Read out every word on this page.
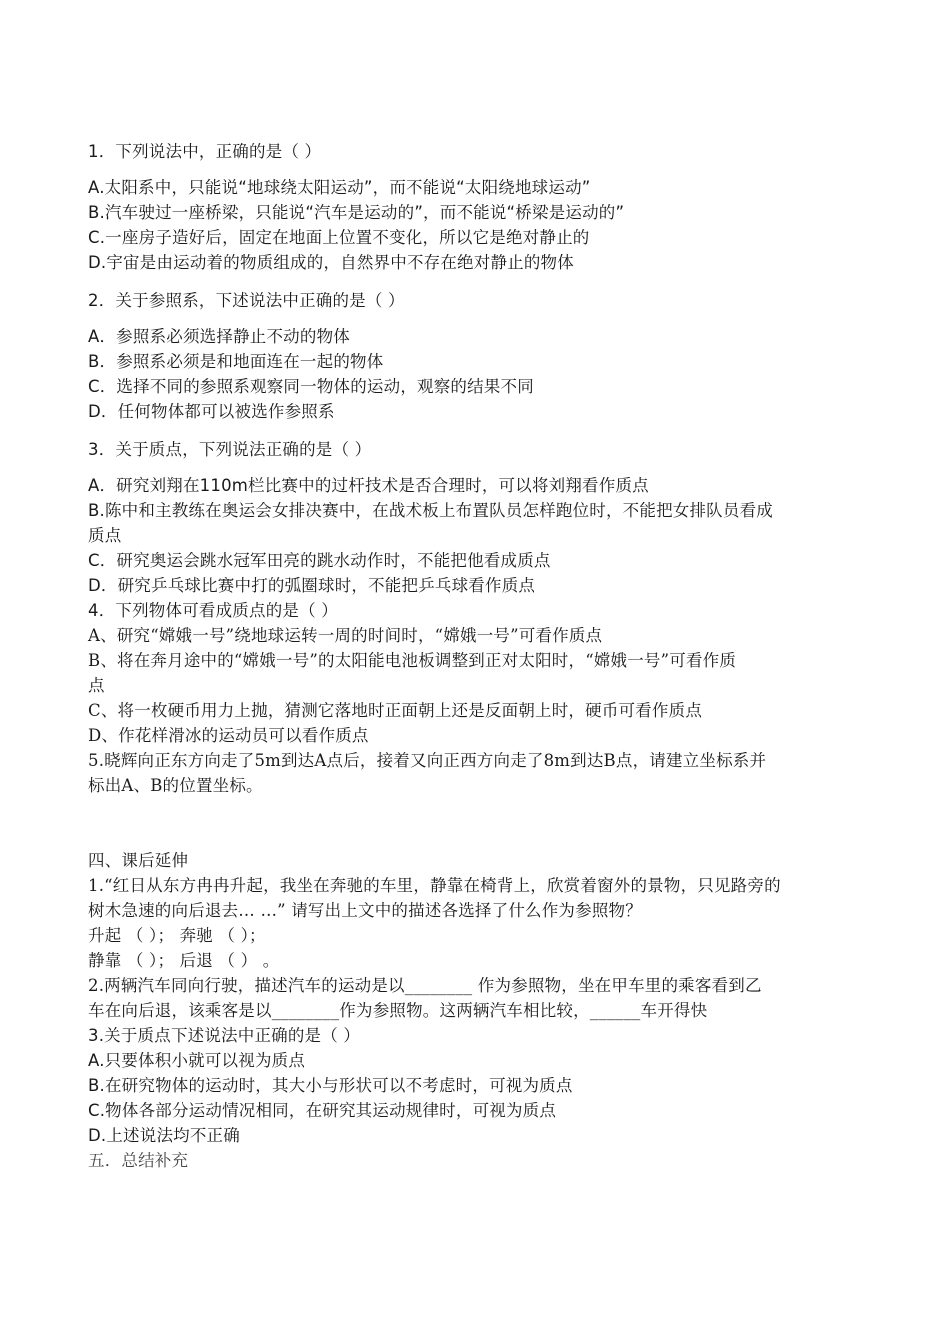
1．下列说法中，正确的是（ ）
A.太阳系中，只能说“地球绕太阳运动”，而不能说“太阳绕地球运动”
B.汽车驶过一座桥梁，只能说“汽车是运动的”，而不能说“桥梁是运动的”
C.一座房子造好后，固定在地面上位置不变化，所以它是绝对静止的
D.宇宙是由运动着的物质组成的，自然界中不存在绝对静止的物体
2．关于参照系，下述说法中正确的是（ ）
A．参照系必须选择静止不动的物体
B．参照系必须是和地面连在一起的物体
C．选择不同的参照系观察同一物体的运动，观察的结果不同
D．任何物体都可以被选作参照系
3．关于质点，下列说法正确的是（ ）
A．研究刘翔在110m栏比赛中的过杆技术是否合理时，可以将刘翔看作质点
B.陈中和主教练在奥运会女排决赛中，在战术板上布置队员怎样跑位时，不能把女排队员看成
质点
C．研究奥运会跳水冠军田亮的跳水动作时，不能把他看成质点
D．研究乒乓球比赛中打的弧圈球时，不能把乒乓球看作质点
4．下列物体可看成质点的是（ ）
A、研究“嫦娥一号”绕地球运转一周的时间时，“嫦娥一号”可看作质点
B、将在奔月途中的“嫦娥一号”的太阳能电池板调整到正对太阳时，“嫦娥一号”可看作质
点
C、将一枚硬币用力上抛，猜测它落地时正面朝上还是反面朝上时，硬币可看作质点
D、作花样滑冰的运动员可以看作质点
5.晓辉向正东方向走了5m到达A点后，接着又向正西方向走了8m到达B点，请建立坐标系并
标出A、B的位置坐标。
四、课后延伸
1.“红日从东方冉冉升起，我坐在奔驰的车里，静靠在椅背上，欣赏着窗外的景物，只见路旁的
树木急速的向后退去… …” 请写出上文中的描述各选择了什么作为参照物？
升起 （ ）； 奔驰 （ ）；
静靠 （ ）； 后退 （ ） 。
2.两辆汽车同向行驶，描述汽车的运动是以________ 作为参照物，坐在甲车里的乘客看到乙
车在向后退，该乘客是以________作为参照物。这两辆汽车相比较，______车开得快
3.关于质点下述说法中正确的是（ ）
A.只要体积小就可以视为质点
B.在研究物体的运动时，其大小与形状可以不考虑时，可视为质点
C.物体各部分运动情况相同，在研究其运动规律时，可视为质点
D.上述说法均不正确
五．总结补充
